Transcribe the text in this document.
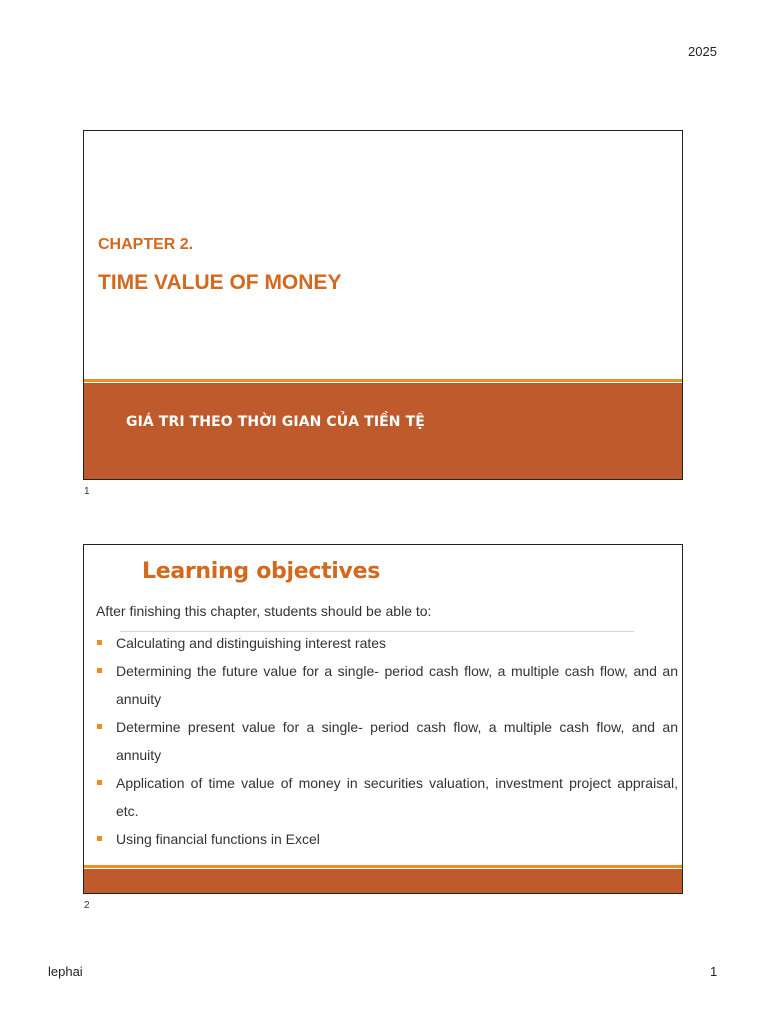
2025
CHAPTER 2.
TIME VALUE OF MONEY
GIÁ TRI THEO THỜI GIAN CỦA TIỀN TỆ
1
Learning objectives
After finishing this chapter, students should be able to:
Calculating and distinguishing interest rates
Determining the future value for a single- period cash flow, a multiple cash flow, and an annuity
Determine present value for a single- period cash flow, a multiple cash flow, and an annuity
Application of time value of money in securities valuation, investment project appraisal, etc.
Using financial functions in Excel
2
lephai	1
